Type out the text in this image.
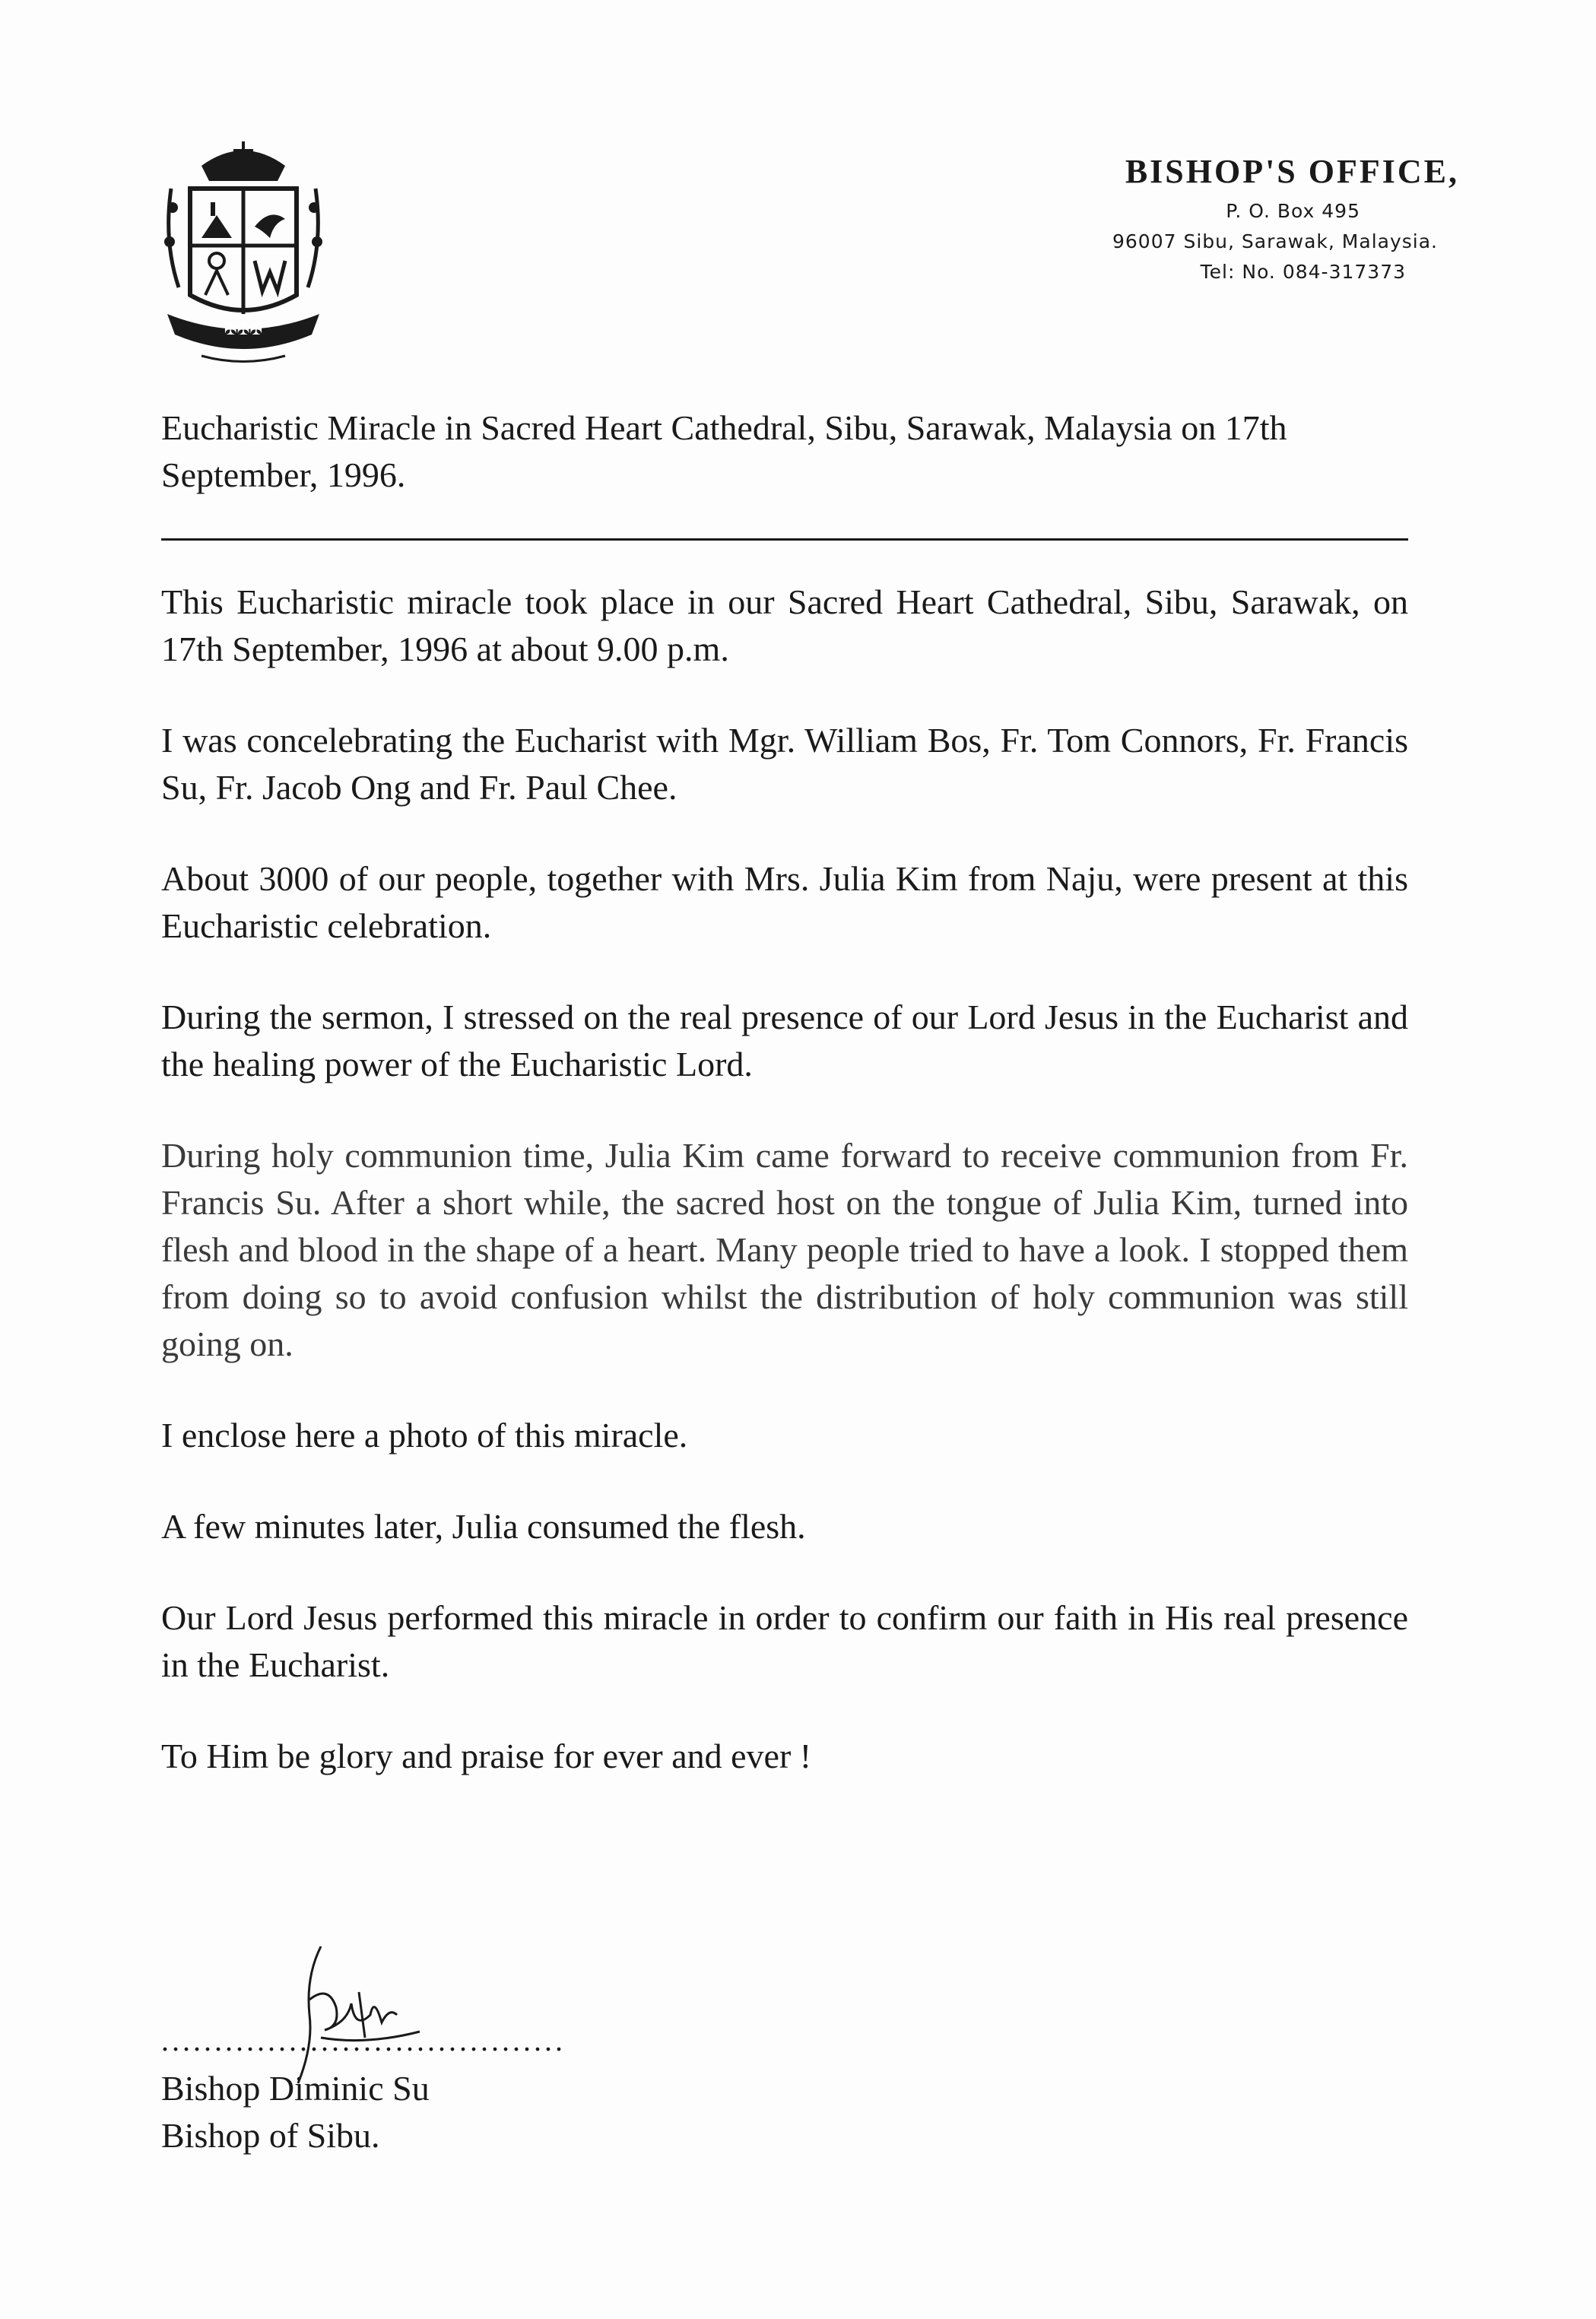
✠✠✠
BISHOP'S OFFICE,
P. O. Box 495
96007 Sibu, Sarawak, Malaysia.
Tel: No. 084-317373

Eucharistic Miracle in Sacred Heart Cathedral, Sibu, Sarawak, Malaysia on 17th September, 1996.

This Eucharistic miracle took place in our Sacred Heart Cathedral, Sibu, Sarawak, on 17th September, 1996 at about 9.00 p.m.

I was concelebrating the Eucharist with Mgr. William Bos, Fr. Tom Connors, Fr. Francis Su, Fr. Jacob Ong and Fr. Paul Chee.

About 3000 of our people, together with Mrs. Julia Kim from Naju, were present at this Eucharistic celebration.

During the sermon, I stressed on the real presence of our Lord Jesus in the Eucharist and the healing power of the Eucharistic Lord.

During holy communion time, Julia Kim came forward to receive communion from Fr. Francis Su. After a short while, the sacred host on the tongue of Julia Kim, turned into flesh and blood in the shape of a heart. Many people tried to have a look. I stopped them from doing so to avoid confusion whilst the distribution of holy communion was still going on.

I enclose here a photo of this miracle.

A few minutes later, Julia consumed the flesh.

Our Lord Jesus performed this miracle in order to confirm our faith in His real presence in the Eucharist.

To Him be glory and praise for ever and ever !

......................................

Bishop Diminic Su

Bishop of Sibu.
